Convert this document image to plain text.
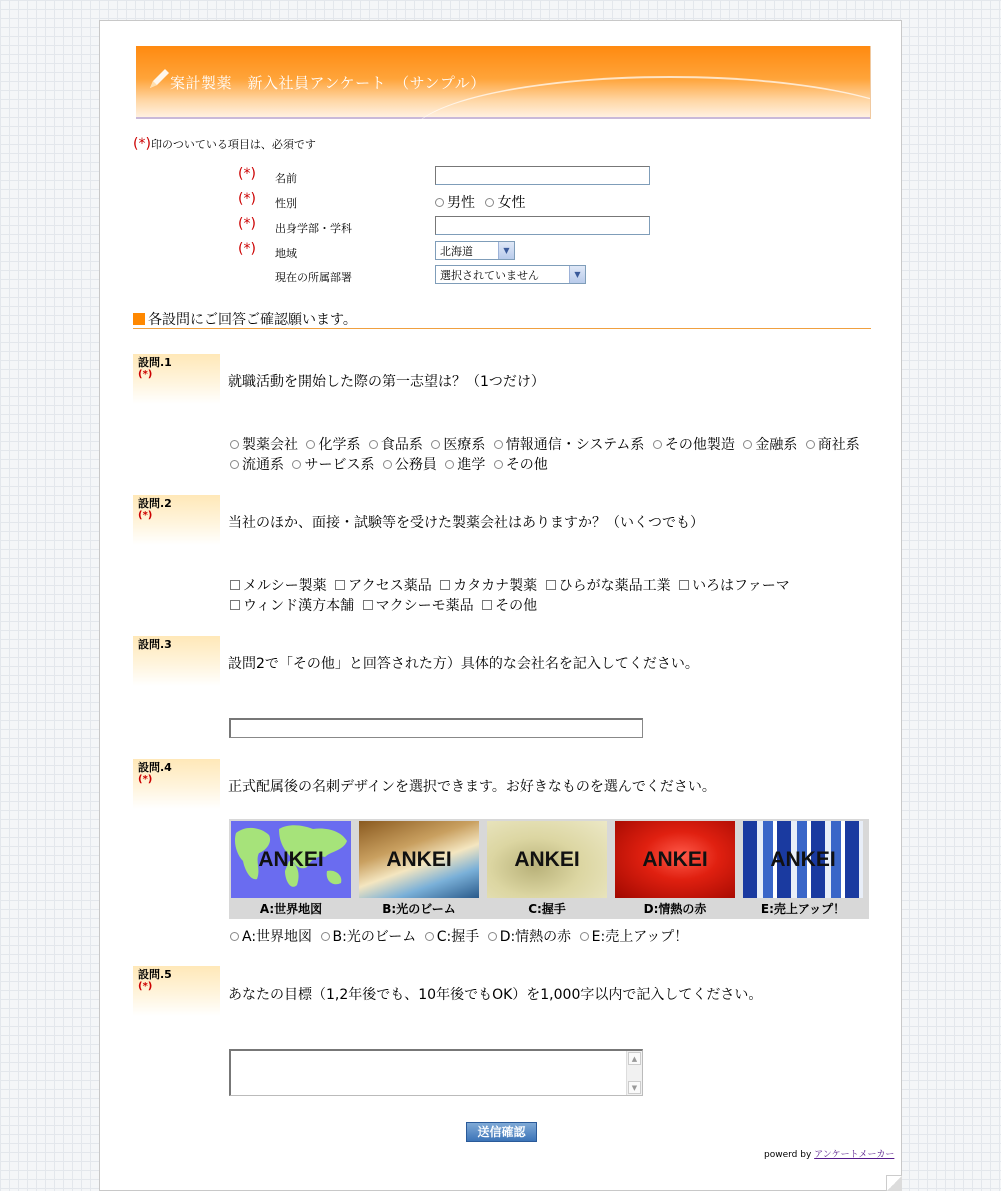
案計製薬　新入社員アンケート　（サンプル）
(*)印のついている項目は、必須です
(*) 名前
(*) 性別	男性 女性
(*) 出身学部・学科
(*) 地域	北海道	▼
現在の所属部署	選択されていません	▼
各設問にご回答ご確認願います。
設問.1
(*)	就職活動を開始した際の第一志望は？（1つだけ）
製薬会社 化学系 食品系 医療系 情報通信・システム系 その他製造 金融系 商社系 流通系 サービス系 公務員 進学 その他
設問.2
(*)	当社のほか、面接・試験等を受けた製薬会社はありますか？（いくつでも）
メルシー製薬 アクセス薬品 カタカナ製薬 ひらがな薬品工業 いろはファーマ ウィンド漢方本舗 マクシーモ薬品 その他
設問.3
設問2で「その他」と回答された方）具体的な会社名を記入してください。
設問.4
(*)	正式配属後の名刺デザインを選択できます。お好きなものを選んでください。
ANKEI
A:世界地図
ANKEI
B:光のビーム
ANKEI
C:握手
ANKEI
D:情熱の赤
ANKEI
E:売上アップ！
A:世界地図 B:光のビーム C:握手 D:情熱の赤 E:売上アップ！
設問.5
(*)
あなたの目標（1,2年後でも、10年後でもOK）を1,000字以内で記入してください。
▲
▼
送信確認
powerd by アンケートメーカー
